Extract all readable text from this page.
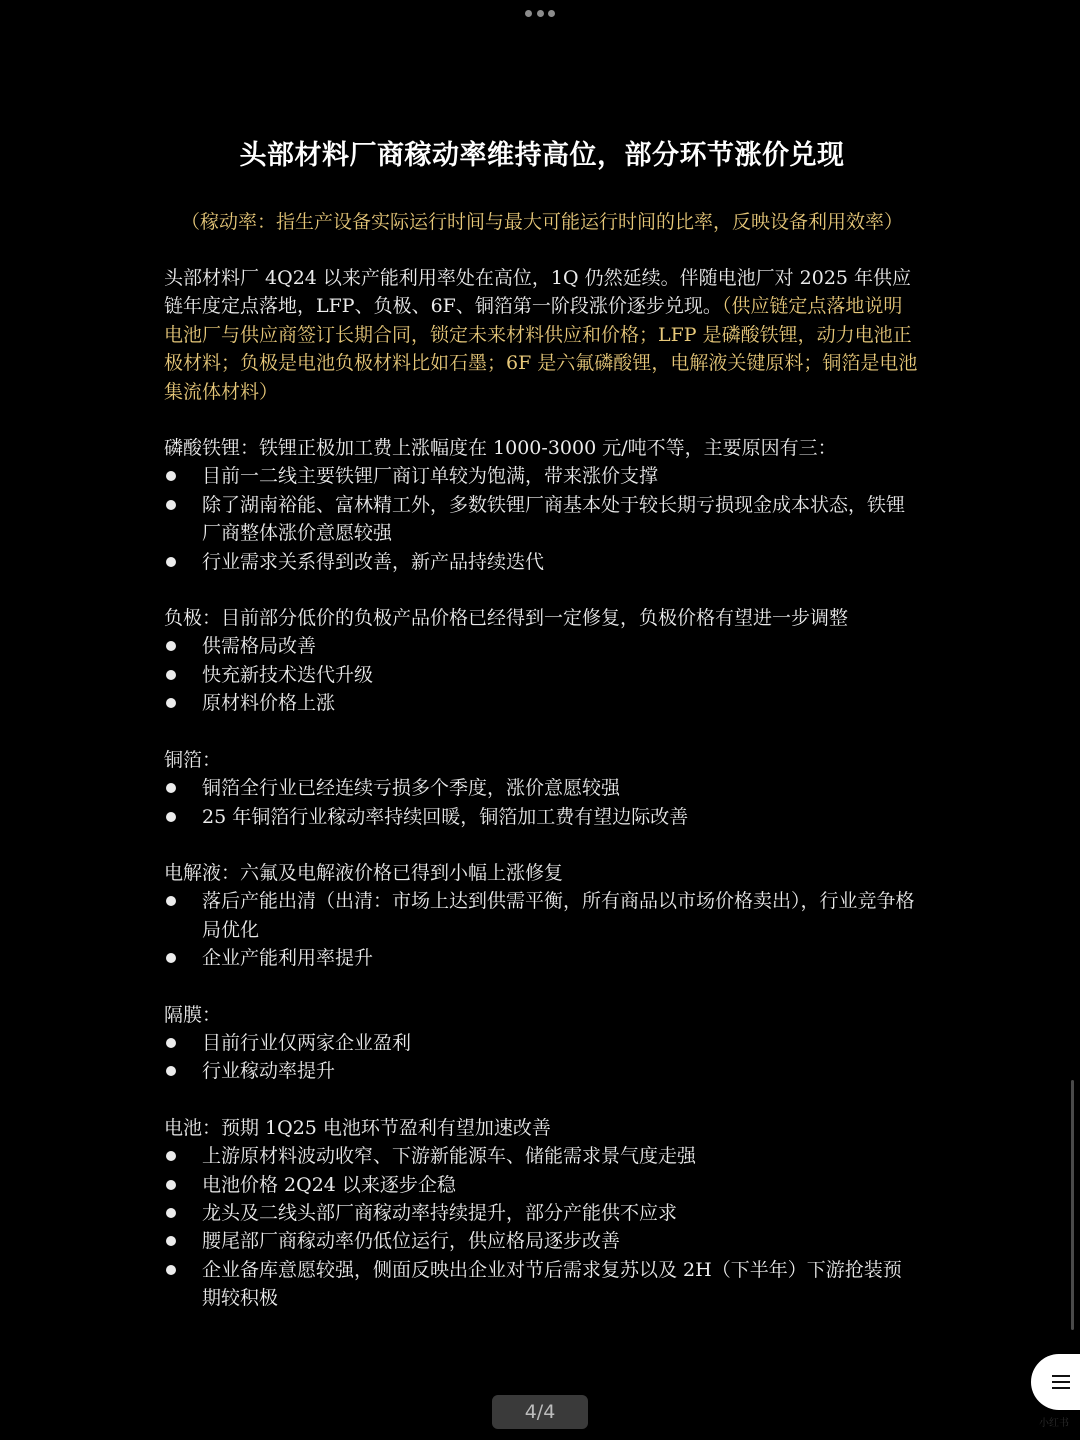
头部材料厂商稼动率维持高位，部分环节涨价兑现
（稼动率：指生产设备实际运行时间与最大可能运行时间的比率，反映设备利用效率）
头部材料厂 4Q24 以来产能利用率处在高位，1Q 仍然延续。伴随电池厂对 2025 年供应链年度定点落地，LFP、负极、6F、铜箔第一阶段涨价逐步兑现。（供应链定点落地说明电池厂与供应商签订长期合同，锁定未来材料供应和价格；LFP 是磷酸铁锂，动力电池正极材料；负极是电池负极材料比如石墨；6F 是六氟磷酸锂，电解液关键原料；铜箔是电池集流体材料）
磷酸铁锂：铁锂正极加工费上涨幅度在 1000-3000 元/吨不等，主要原因有三：
目前一二线主要铁锂厂商订单较为饱满，带来涨价支撑
除了湖南裕能、富林精工外，多数铁锂厂商基本处于较长期亏损现金成本状态，铁锂厂商整体涨价意愿较强
行业需求关系得到改善，新产品持续迭代
负极：目前部分低价的负极产品价格已经得到一定修复，负极价格有望进一步调整
供需格局改善
快充新技术迭代升级
原材料价格上涨
铜箔：
铜箔全行业已经连续亏损多个季度，涨价意愿较强
25 年铜箔行业稼动率持续回暖，铜箔加工费有望边际改善
电解液：六氟及电解液价格已得到小幅上涨修复
落后产能出清（出清：市场上达到供需平衡，所有商品以市场价格卖出），行业竞争格局优化
企业产能利用率提升
隔膜：
目前行业仅两家企业盈利
行业稼动率提升
电池：预期 1Q25 电池环节盈利有望加速改善
上游原材料波动收窄、下游新能源车、储能需求景气度走强
电池价格 2Q24 以来逐步企稳
龙头及二线头部厂商稼动率持续提升，部分产能供不应求
腰尾部厂商稼动率仍低位运行，供应格局逐步改善
企业备库意愿较强，侧面反映出企业对节后需求复苏以及 2H（下半年）下游抢装预期较积极
4/4
小红书
